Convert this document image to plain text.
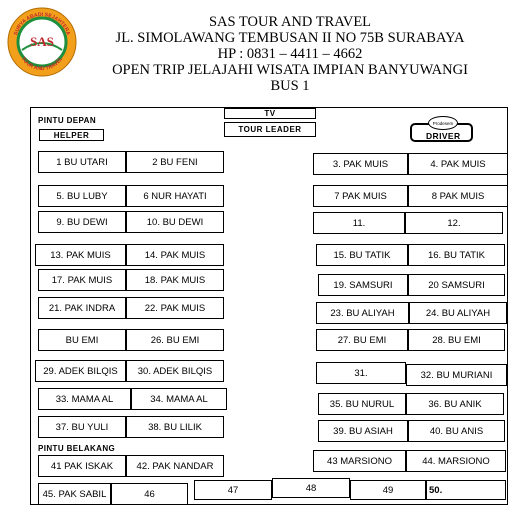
SURYA ABADI SEJAHTERA
TOUR AND TRAVEL
SAS
SAS TOUR AND TRAVEL
JL. SIMOLAWANG TEMBUSAN II NO 75B SURABAYA
HP : 0831 – 4411 – 4662
OPEN TRIP JELAJAHI WISATA IMPIAN BANYUWANGI
BUS 1
PINTU DEPAN
HELPER
TV
TOUR LEADER
Prodesem
DRIVER
PINTU BELAKANG
1 BU UTARI	2 BU FENI	3. PAK MUIS	4. PAK MUIS
5. BU LUBY	6 NUR HAYATI	7 PAK MUIS	8 PAK MUIS
9. BU DEWI	10. BU DEWI	11.	12.
13. PAK MUIS	14. PAK MUIS	15. BU TATIK	16. BU TATIK
17. PAK MUIS	18. PAK MUIS	19. SAMSURI	20 SAMSURI
21. PAK INDRA	22. PAK MUIS	23. BU ALIYAH	24. BU ALIYAH
BU EMI	26. BU EMI	27. BU EMI	28. BU EMI
29. ADEK BILQIS	30. ADEK BILQIS	31.	32. BU MURIANI
33. MAMA AL	34. MAMA AL	35. BU NURUL	36. BU ANIK
37. BU YULI	38. BU LILIK	39. BU ASIAH	40. BU ANIS
41 PAK ISKAK	42. PAK NANDAR	43 MARSIONO	44. MARSIONO
45. PAK SABIL	46	47	48	49	50.
